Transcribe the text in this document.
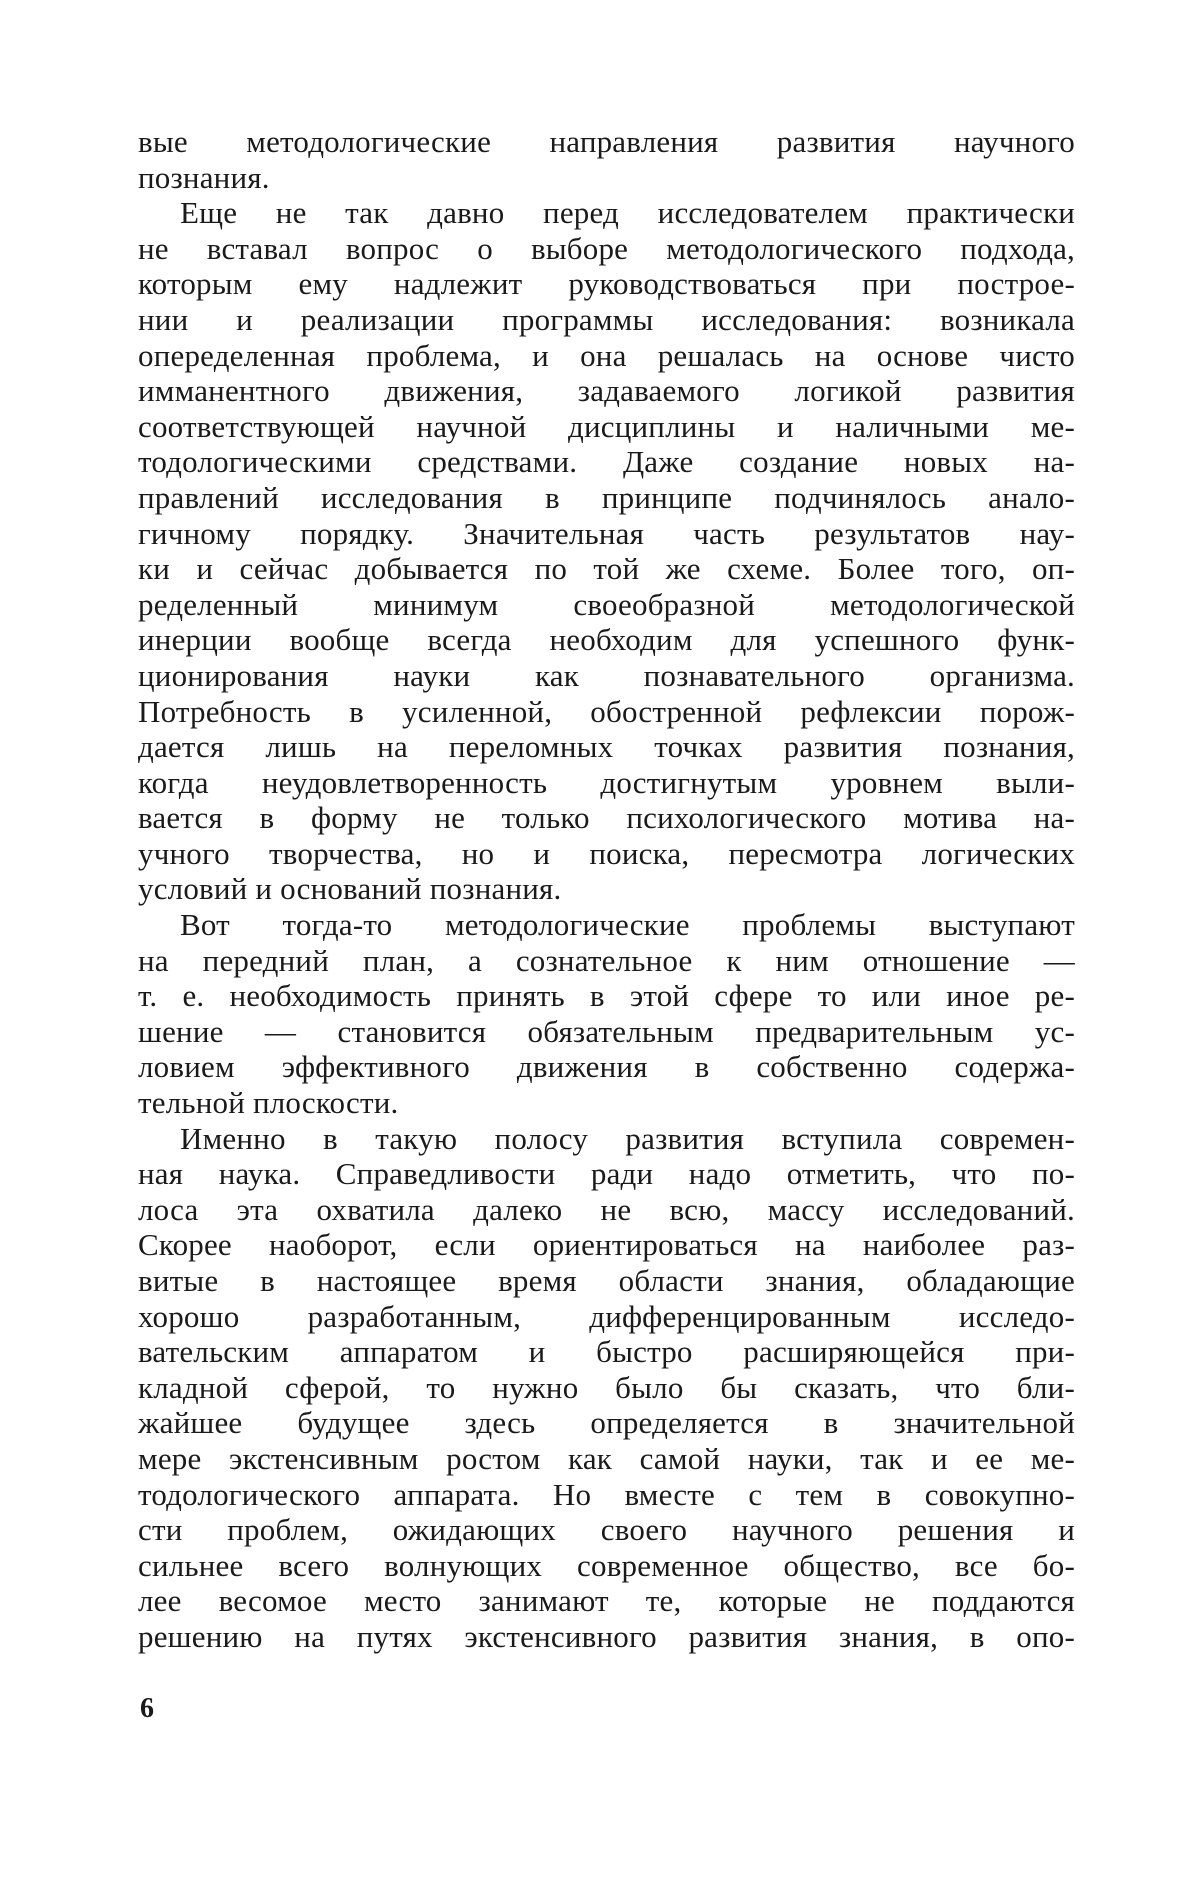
вые методологические направления развития научного
познания.
Еще не так давно перед исследователем практически
не вставал вопрос о выборе методологического подхода,
которым ему надлежит руководствоваться при построе-
нии и реализации программы исследования: возникала
опеределенная проблема, и она решалась на основе чисто
имманентного движения, задаваемого логикой развития
соответствующей научной дисциплины и наличными ме-
тодологическими средствами. Даже создание новых на-
правлений исследования в принципе подчинялось анало-
гичному порядку. Значительная часть результатов нау-
ки и сейчас добывается по той же схеме. Более того, оп-
ределенный минимум своеобразной методологической
инерции вообще всегда необходим для успешного функ-
ционирования науки как познавательного организма.
Потребность в усиленной, обостренной рефлексии порож-
дается лишь на переломных точках развития познания,
когда неудовлетворенность достигнутым уровнем выли-
вается в форму не только психологического мотива на-
учного творчества, но и поиска, пересмотра логических
условий и оснований познания.
Вот тогда-то методологические проблемы выступают
на передний план, а сознательное к ним отношение —
т. е. необходимость принять в этой сфере то или иное ре-
шение — становится обязательным предварительным ус-
ловием эффективного движения в собственно содержа-
тельной плоскости.
Именно в такую полосу развития вступила современ-
ная наука. Справедливости ради надо отметить, что по-
лоса эта охватила далеко не всю, массу исследований.
Скорее наоборот, если ориентироваться на наиболее раз-
витые в настоящее время области знания, обладающие
хорошо разработанным, дифференцированным исследо-
вательским аппаратом и быстро расширяющейся при-
кладной сферой, то нужно было бы сказать, что бли-
жайшее будущее здесь определяется в значительной
мере экстенсивным ростом как самой науки, так и ее ме-
тодологического аппарата. Но вместе с тем в совокупно-
сти проблем, ожидающих своего научного решения и
сильнее всего волнующих современное общество, все бо-
лее весомое место занимают те, которые не поддаются
решению на путях экстенсивного развития знания, в опо-
6
